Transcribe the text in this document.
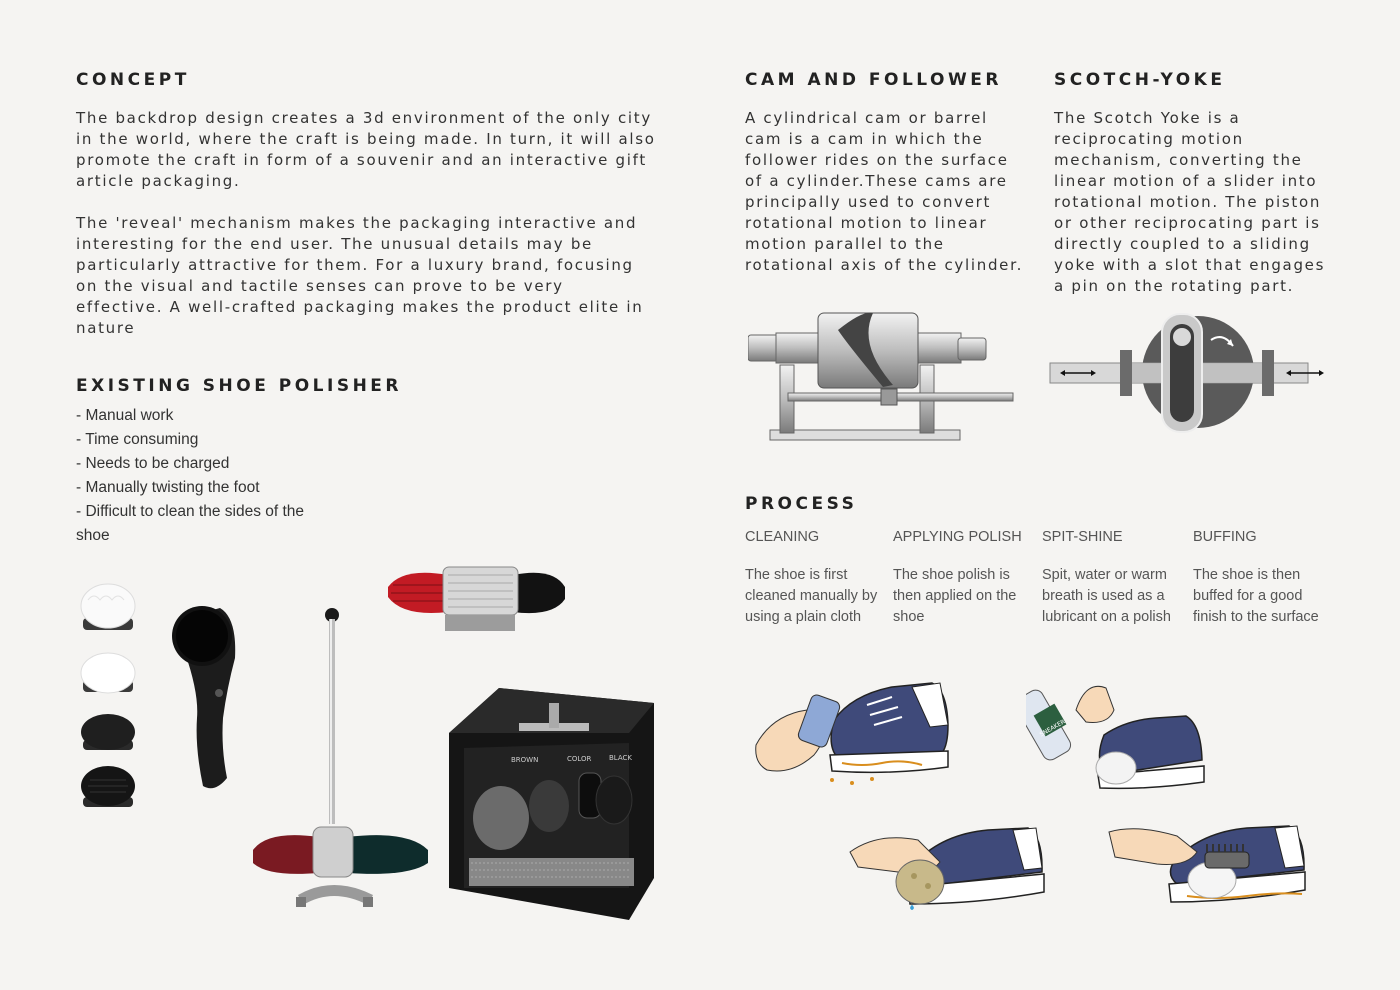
CONCEPT

The backdrop design creates a 3d environment of the only city in the world, where the craft is being made. In turn, it will also promote the craft in form of a souvenir and an interactive gift article packaging.

The 'reveal' mechanism makes the packaging interactive and interesting for the end user. The unusual details may be particularly attractive for them. For a luxury brand, focusing on the visual and tactile senses can prove to be very effective. A well-crafted packaging makes the product elite in nature

EXISTING SHOE POLISHER
- Manual work
- Time consuming
- Needs to be charged
- Manually twisting the foot
- Difficult to clean the sides of the shoe
BROWN	COLOR	BLACK
CAM AND FOLLOWER

A cylindrical cam or barrel cam is a cam in which the follower rides on the surface of a cylinder.These cams are principally used to convert rotational motion to linear motion parallel to the rotational axis of the cylinder.

SCOTCH-YOKE

The Scotch Yoke is a reciprocating motion mechanism, converting the linear motion of a slider into rotational motion. The piston or other reciprocating part is directly coupled to a sliding yoke with a slot that engages a pin on the rotating part.

PROCESS

CLEANING

The shoe is first cleaned manually by using a plain cloth

APPLYING POLISH

The shoe polish is then applied on the shoe

SPIT-SHINE

Spit, water or warm breath is used as a lubricant on a polish

BUFFING

The shoe is then buffed for a good finish to the surface

SNEAKER
